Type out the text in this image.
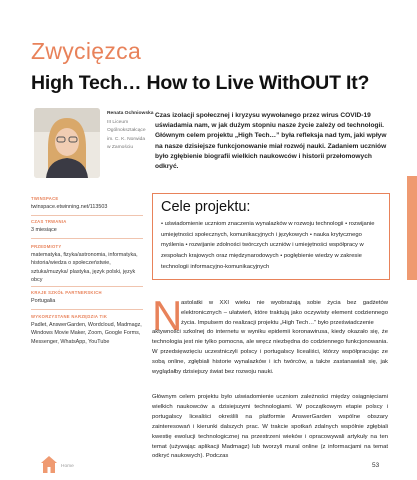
Zwycięzca
High Tech… How to Live WithOUT It?
Renata Ochniowska
III Liceum
Ogólnokształcące
im. C. K. Norwida
w Zamościu
Czas izolacji społecznej i kryzysu wywołanego przez wirus COVID-19 uświadamia nam, w jak dużym stopniu nasze życie zależy od technologii. Głównym celem projektu „High Tech…” była refleksja nad tym, jaki wpływ na nasze dzisiejsze funkcjonowanie miał rozwój nauki. Zadaniem uczniów było zgłębienie biografii wielkich naukowców i historii przełomowych odkryć.
TWINSPACE
twinspace.etwinning.net/113503
CZAS TRWANIA
3 miesiące
PRZEDMIOTY
matematyka, fizyka/astronomia, informatyka, historia/wiedza o społeczeństwie, sztuka/muzyka/ plastyka, język polski, język obcy
KRAJE SZKÓŁ PARTNERSKICH
Portugalia
WYKORZYSTANE NARZĘDZIA TIK
Padlet, AnswerGarden, Wordcloud, Madmagz, Windows Movie Maker, Zoom, Google Forms, Messenger, WhatsApp, YouTube
Cele projektu:
• uświadomienie uczniom znaczenia wynalazków w rozwoju technologii • rozwijanie umiejętności społecznych, komunikacyjnych i językowych • nauka krytycznego myślenia • rozwijanie zdolności twórczych uczniów i umiejętności współpracy w zespołach krajowych oraz międzynarodowych • pogłębienie wiedzy w zakresie technologii informacyjno-komunikacyjnych
N
astolatki w XXI wieku nie wyobrażają sobie życia bez gadżetów elektronicznych – ułatwień, które traktują jako oczywisty element codziennego życia. Impulsem do realizacji projektu „High Tech…” było przeświadczenie
aktywności szkolnej do internetu w wyniku epidemii koronawirusa, kiedy okazało się, że technologia jest nie tylko pomocna, ale wręcz niezbędna do codziennego funkcjonowania. W przedsięwzięciu uczestniczyli polscy i portugalscy licealiści, którzy współpracując ze sobą online, zgłębiali historie wynalazków i ich twórców, a także zastanawiali się, jak wyglądałby dzisiejszy świat bez rozwoju nauki.
Głównym celem projektu było uświadomienie uczniom zależności między osiągnięciami wielkich naukowców a dzisiejszymi technologiami. W początkowym etapie polscy i portugalscy licealiści określili na platformie AnswerGarden wspólne obszary zainteresowań i kierunki dalszych prac. W trakcie spotkań zdalnych wspólnie zgłębiali kwestię ewolucji technologicznej na przestrzeni wieków i opracowywali artykuły na ten temat (używając aplikacji Madmagz) lub tworzyli mural online (z informacjami na temat odkryć naukowych). Podczas
Home	53
